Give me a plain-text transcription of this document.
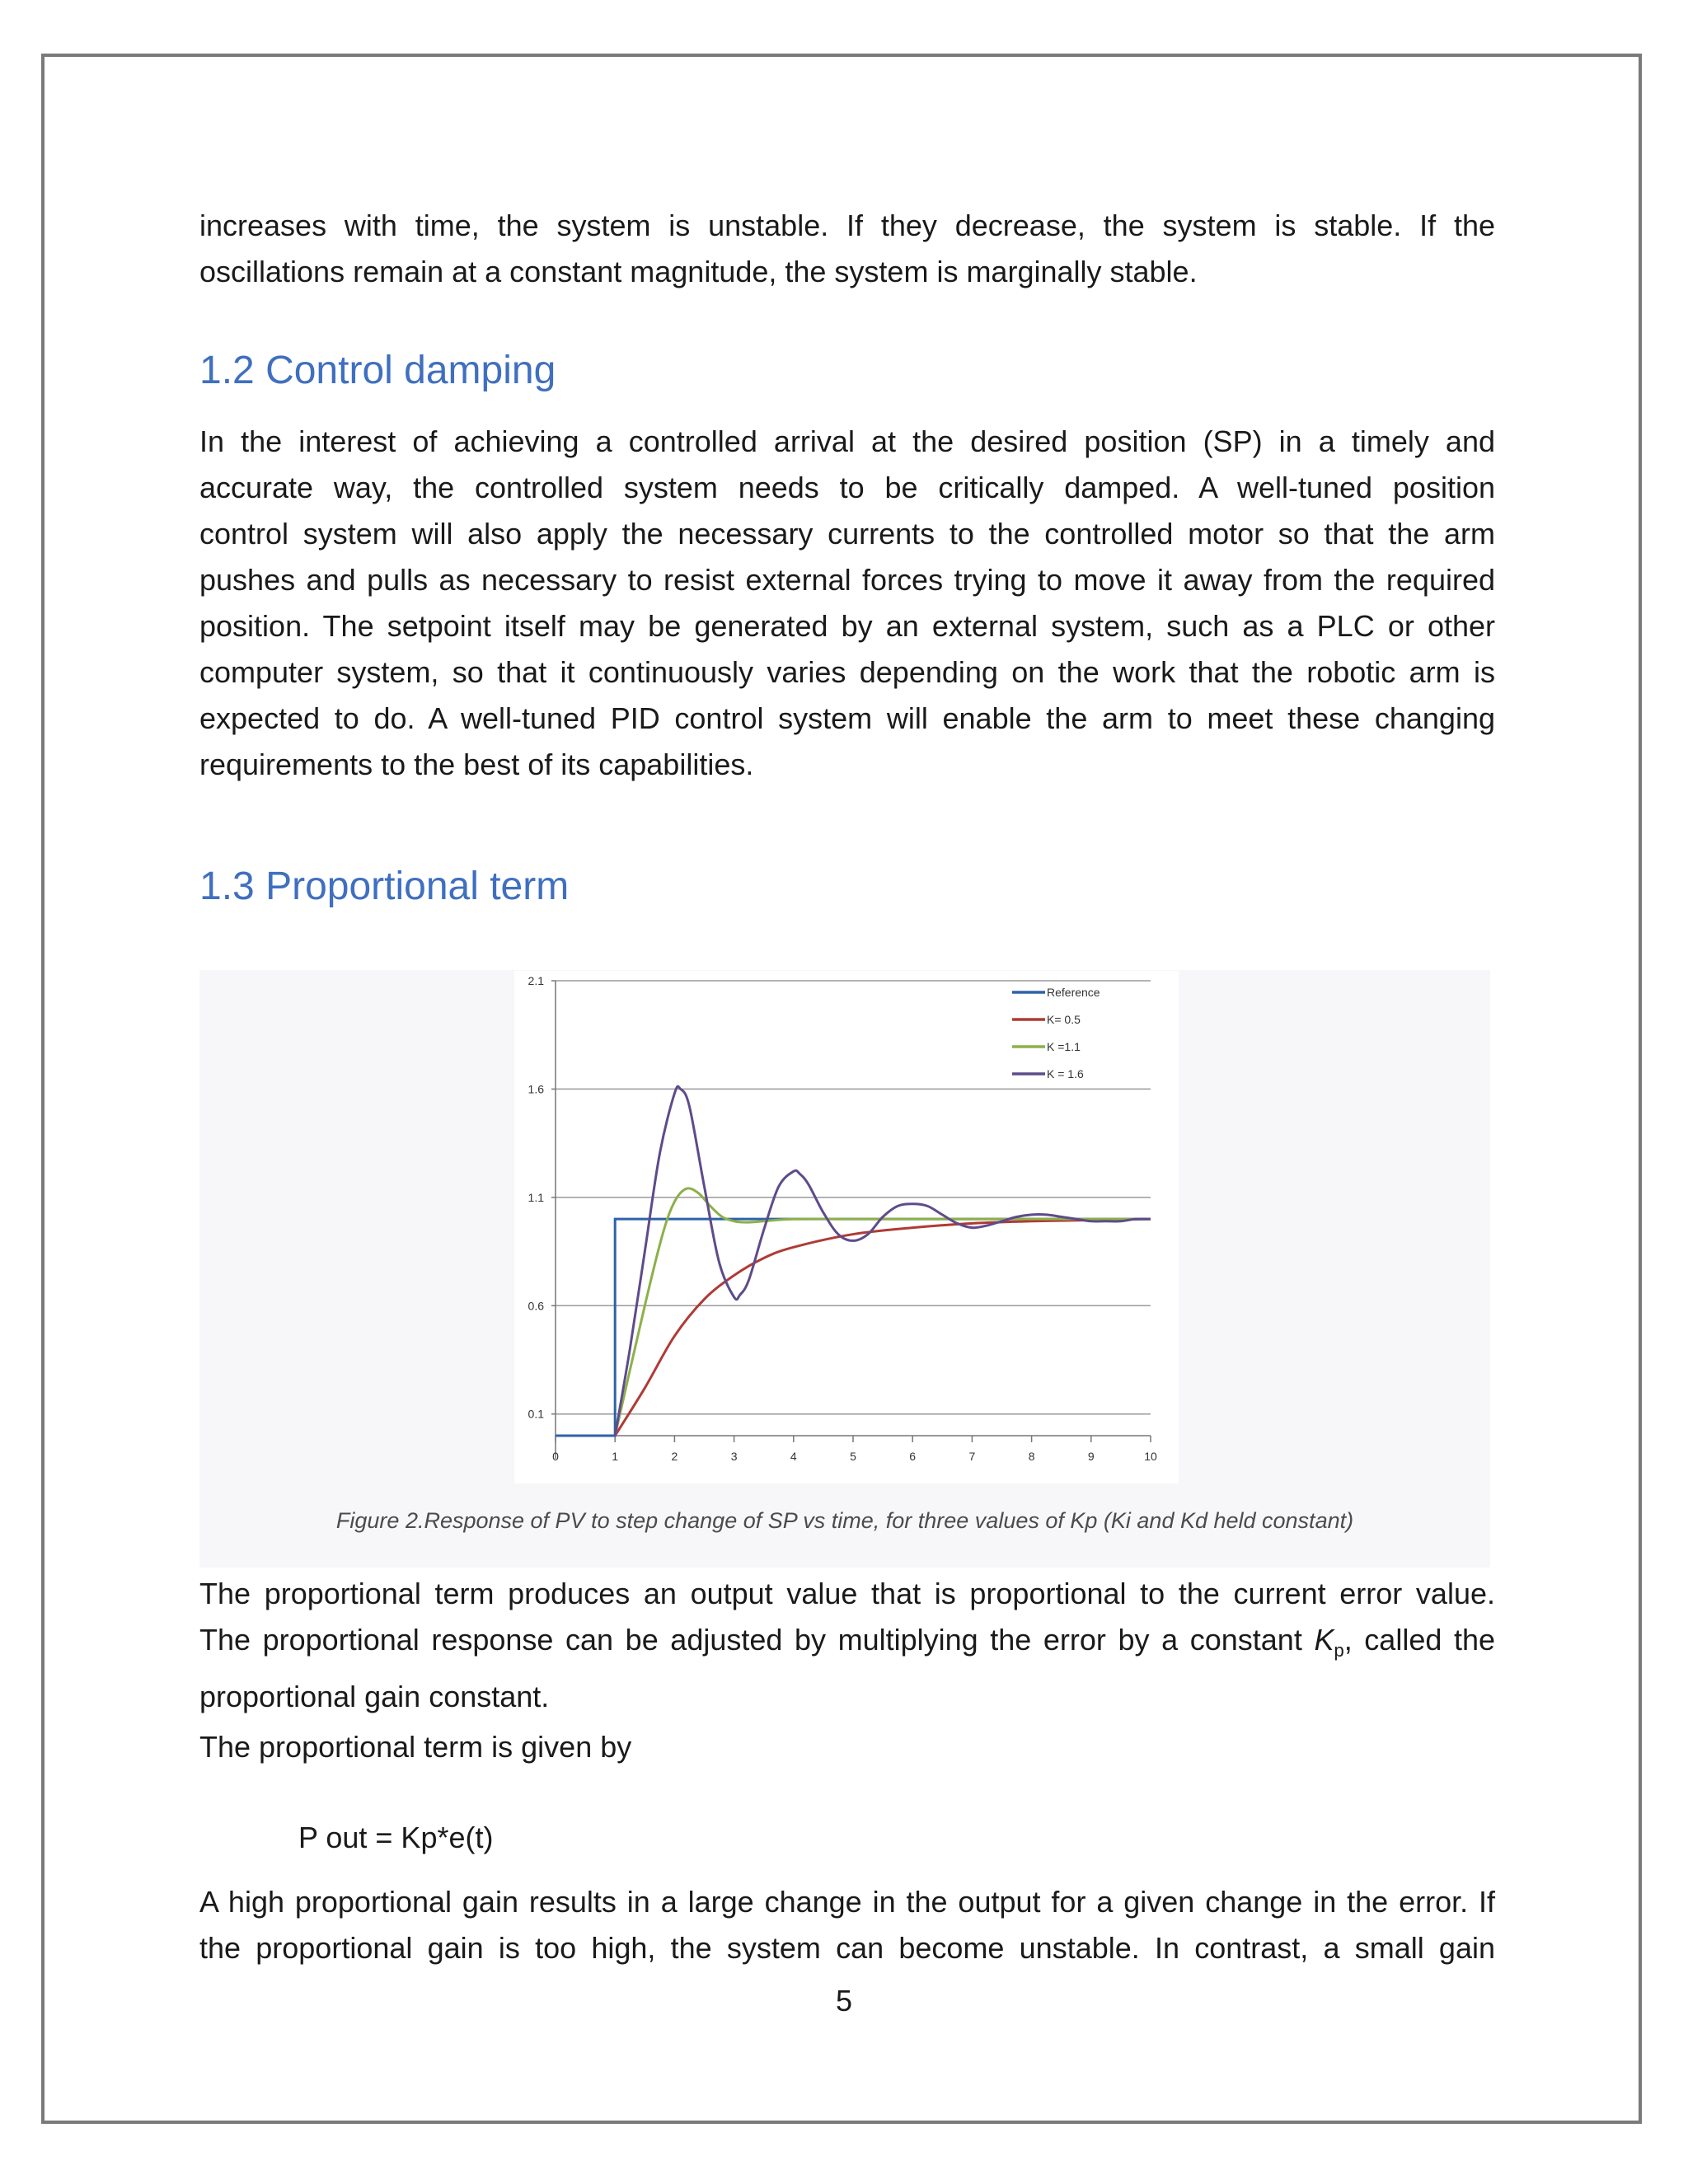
increases with time, the system is unstable. If they decrease, the system is stable. If the

oscillations remain at a constant magnitude, the system is marginally stable.

1.2 Control damping

In the interest of achieving a controlled arrival at the desired position (SP) in a timely and

accurate way, the controlled system needs to be critically damped. A well-tuned position

control system will also apply the necessary currents to the controlled motor so that the arm

pushes and pulls as necessary to resist external forces trying to move it away from the required

position. The setpoint itself may be generated by an external system, such as a PLC or other

computer system, so that it continuously varies depending on the work that the robotic arm is

expected to do. A well-tuned PID control system will enable the arm to meet these changing

requirements to the best of its capabilities.

1.3 Proportional term
2.1
1.6
1.1
0.6
0.1
0	1	2	3	4	5	6	7	8	9	10
Reference
K= 0.5
K =1.1
K = 1.6
Figure 2.Response of PV to step change of SP vs time, for three values of Kp (Ki and Kd held constant)

The proportional term produces an output value that is proportional to the current error value.

The proportional response can be adjusted by multiplying the error by a constant $K_p$, called the

proportional gain constant.

The proportional term is given by

P out = Kp*e(t)

A high proportional gain results in a large change in the output for a given change in the error. If

the proportional gain is too high, the system can become unstable. In contrast, a small gain

5
